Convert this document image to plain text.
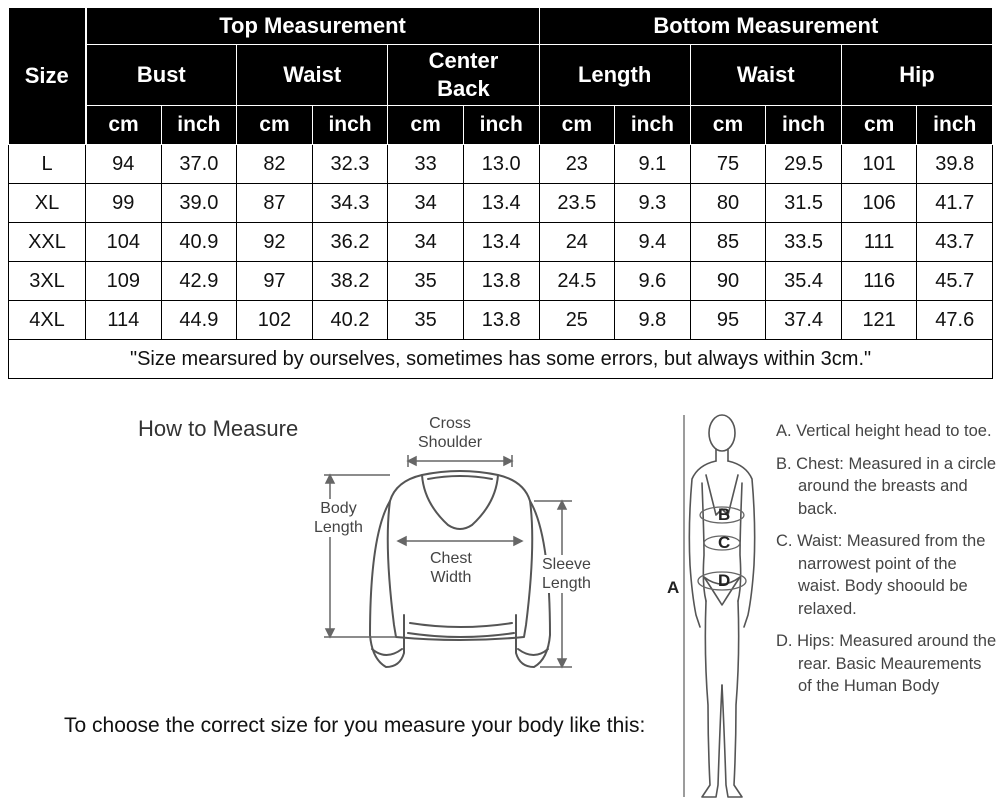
Size	Top Measurement						Bottom Measurement					
	Bust		Waist		Center Back		Length		Waist		Hip	
	cm	inch	cm	inch	cm	inch	cm	inch	cm	inch	cm	inch
L	94	37.0	82	32.3	33	13.0	23	9.1	75	29.5	101	39.8
XL	99	39.0	87	34.3	34	13.4	23.5	9.3	80	31.5	106	41.7
XXL	104	40.9	92	36.2	34	13.4	24	9.4	85	33.5	111	43.7
3XL	109	42.9	97	38.2	35	13.8	24.5	9.6	90	35.4	116	45.7
4XL	114	44.9	102	40.2	35	13.8	25	9.8	95	37.4	121	47.6
"Size mearsured by ourselves, sometimes has some errors, but always within 3cm."												
How to Measure	Cross
Shoulder
Body
Length
Chest
Width
Sleeve
Length
To choose the correct size for you measure your body like this:
A
B
C
D
A. Vertical height head to toe.
B. Chest: Measured in a circle around the breasts and back.
C. Waist: Measured from the narrowest point of the waist. Body shoould be relaxed.
D. Hips: Measured around the rear. Basic Meaurements of the Human Body
